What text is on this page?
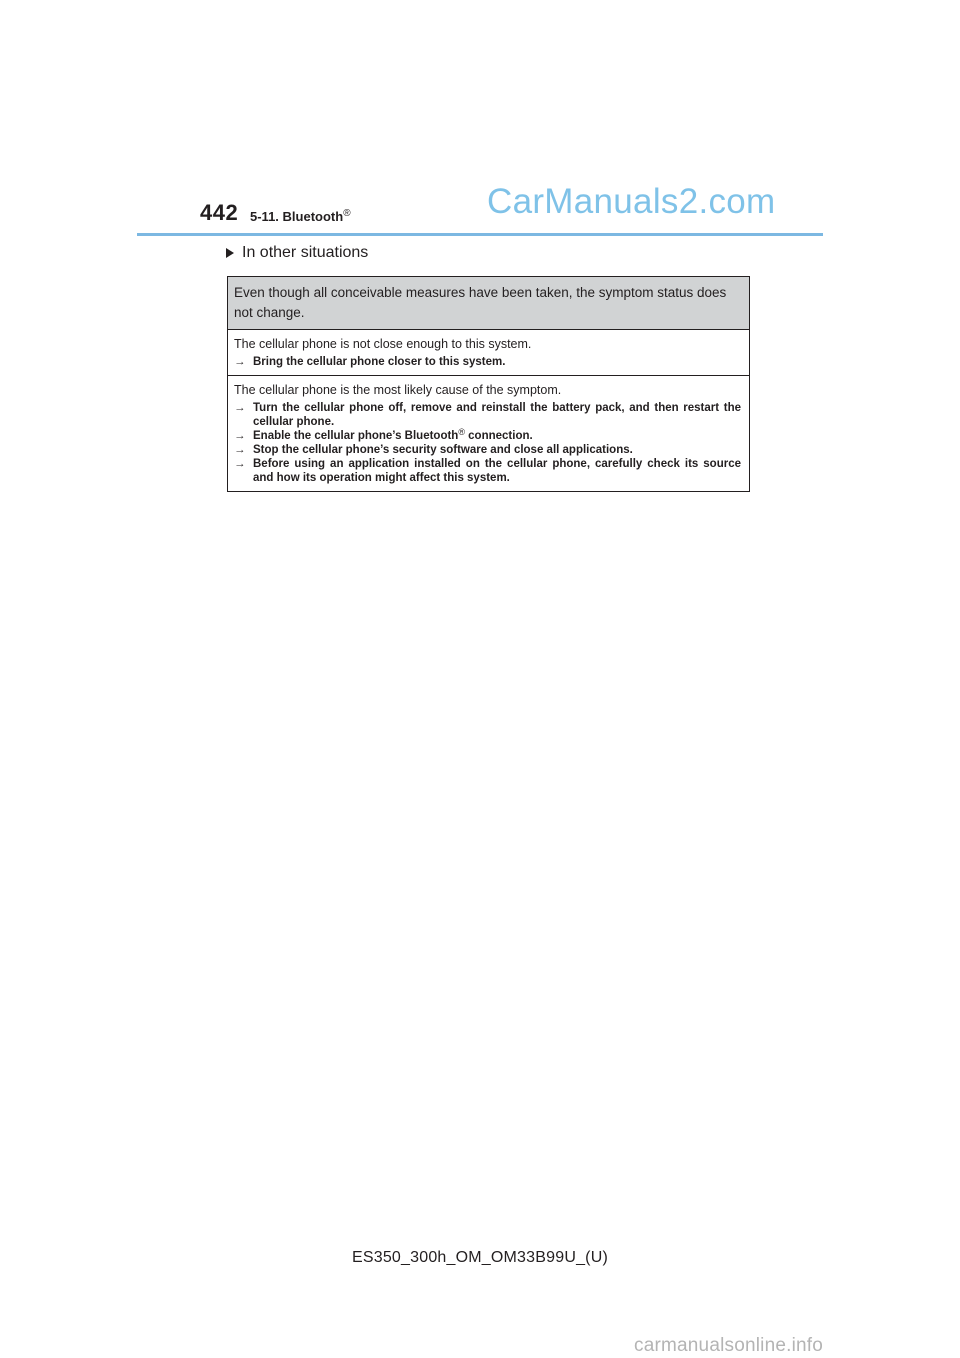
442 5-11. Bluetooth®	CarManuals2.com
In other situations
Even though all conceivable measures have been taken, the symptom status does not change.
The cellular phone is not close enough to this system.
→ Bring the cellular phone closer to this system.
The cellular phone is the most likely cause of the symptom.
→ Turn the cellular phone off, remove and reinstall the battery pack, and then restart the cellular phone.
→ Enable the cellular phone’s Bluetooth® connection.
→ Stop the cellular phone’s security software and close all applications.
→ Before using an application installed on the cellular phone, carefully check its source and how its operation might affect this system.
ES350_300h_OM_OM33B99U_(U)
carmanualsonline.info
